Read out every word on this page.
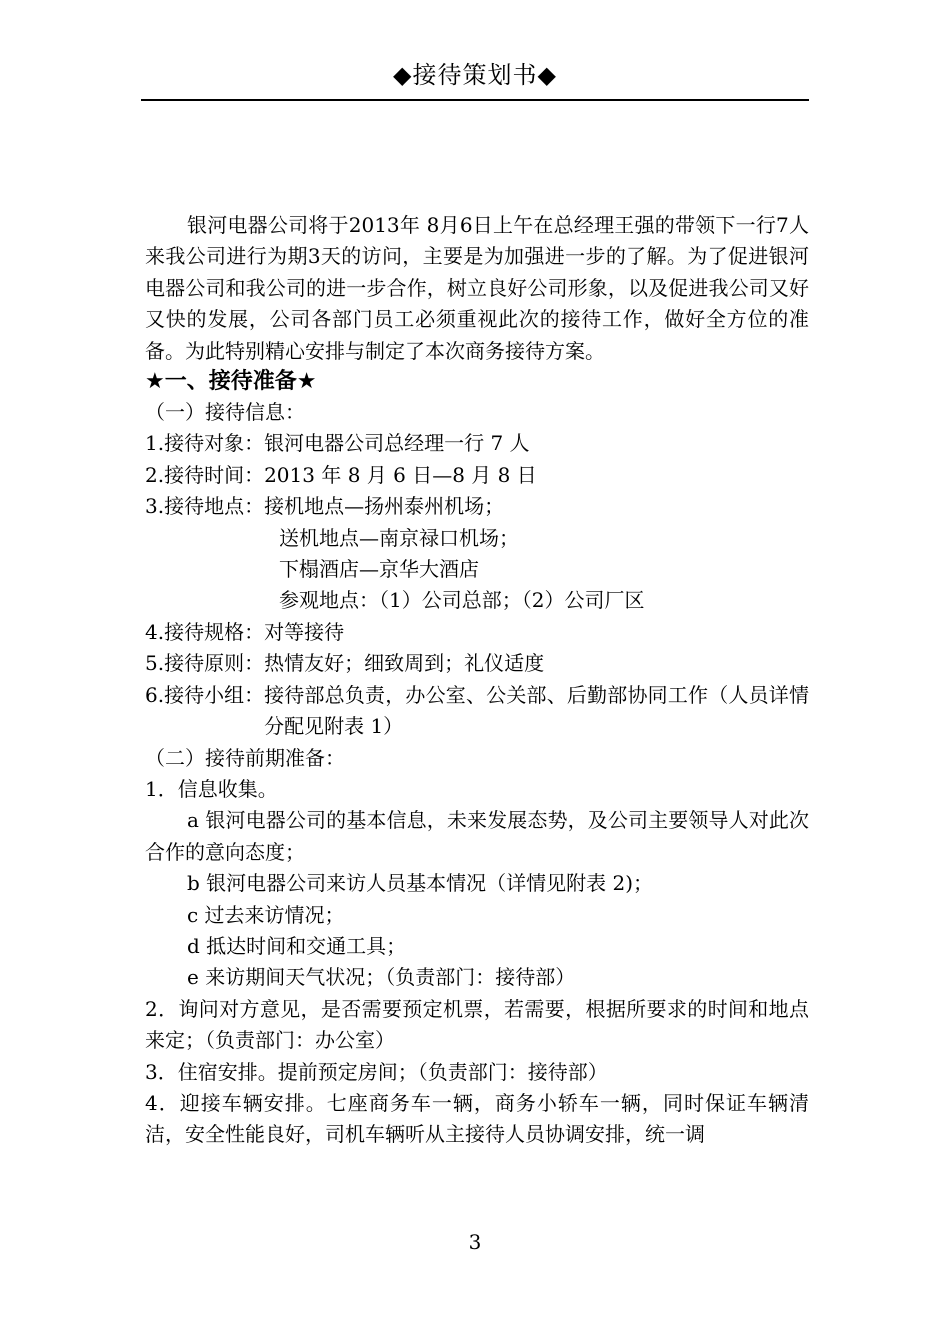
◆接待策划书◆

银河电器公司将于2013年 8月6日上午在总经理王强的带领下一行7人来我公司进行为期3天的访问，主要是为加强进一步的了解。为了促进银河电器公司和我公司的进一步合作，树立良好公司形象，以及促进我公司又好又快的发展，公司各部门员工必须重视此次的接待工作，做好全方位的准备。为此特别精心安排与制定了本次商务接待方案。

★一、接待准备★

（一）接待信息：

1.接待对象：银河电器公司总经理一行 7 人

2.接待时间：2013 年 8 月 6 日—8 月 8 日

3.接待地点： 接机地点—扬州泰州机场；

送机地点—南京禄口机场；

下榻酒店—京华大酒店

参观地点：（1）公司总部；（2）公司厂区

4.接待规格：对等接待

5.接待原则：热情友好；细致周到；礼仪适度

6.接待小组： 接待部总负责，办公室、公关部、后勤部协同工作（人员详情分配见附表 1）

（二）接待前期准备：

1．信息收集。

a 银河电器公司的基本信息，未来发展态势，及公司主要领导人对此次合作的意向态度；

b 银河电器公司来访人员基本情况（详情见附表 2)；

c 过去来访情况；

d 抵达时间和交通工具；

e 来访期间天气状况；（负责部门：接待部）

2．询问对方意见，是否需要预定机票，若需要，根据所要求的时间和地点来定；（负责部门：办公室）

3．住宿安排。提前预定房间；（负责部门：接待部）

4．迎接车辆安排。七座商务车一辆，商务小轿车一辆，同时保证车辆清洁，安全性能良好，司机车辆听从主接待人员协调安排，统一调

3
